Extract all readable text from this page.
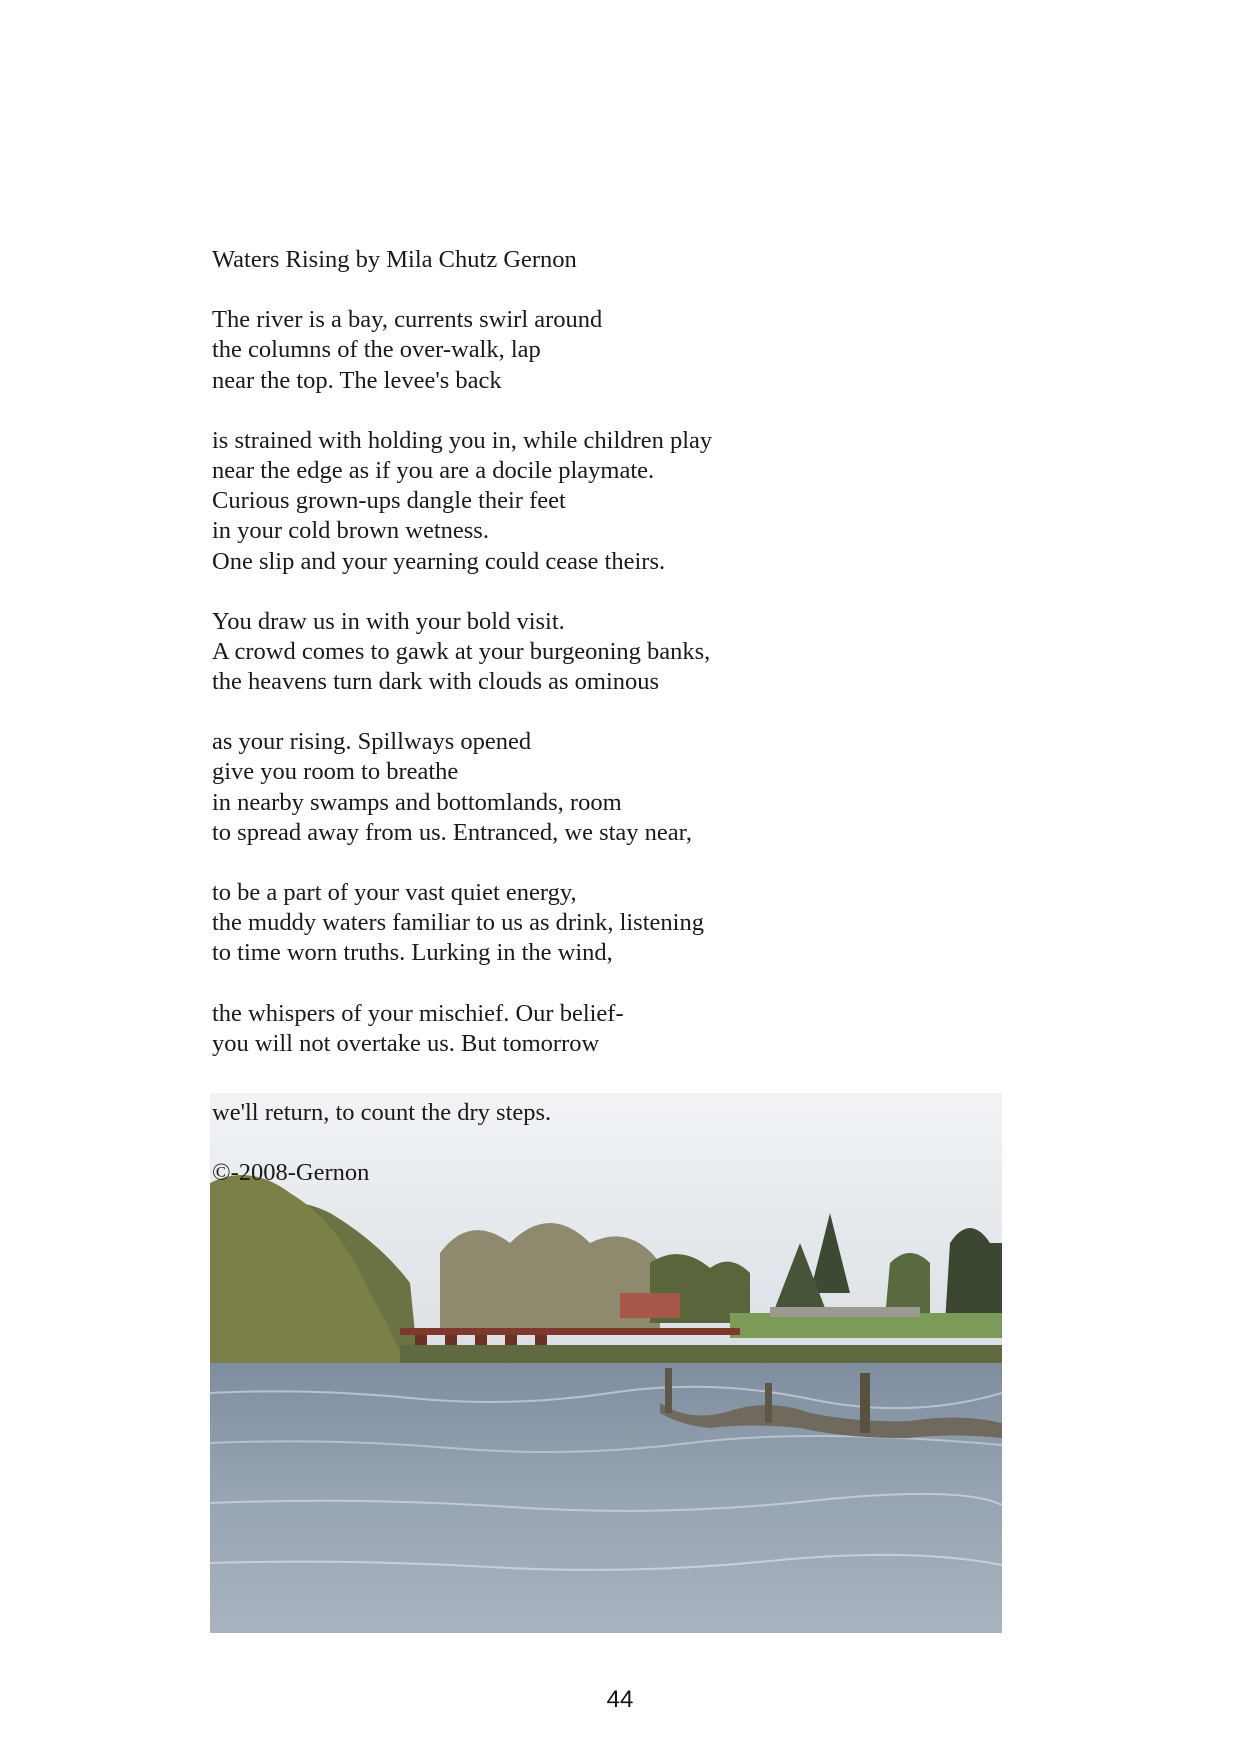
Waters Rising by Mila Chutz Gernon
The river is a bay, currents swirl around
the columns of the over-walk, lap
near the top. The levee's back
is strained with holding you in, while children play
near the edge as if you are a docile playmate.
Curious grown-ups dangle their feet
in your cold brown wetness.
One slip and your yearning could cease theirs.
You draw us in with your bold visit.
A crowd comes to gawk at your burgeoning banks,
the heavens turn dark with clouds as ominous
as your rising. Spillways opened
give you room to breathe
in nearby swamps and bottomlands, room
to spread away from us. Entranced, we stay near,
to be a part of your vast quiet energy,
the muddy waters familiar to us as drink, listening
to time worn truths. Lurking in the wind,
the whispers of your mischief. Our belief-
you will not overtake us. But tomorrow
we'll return, to count the dry steps.
©-2008-Gernon
44
